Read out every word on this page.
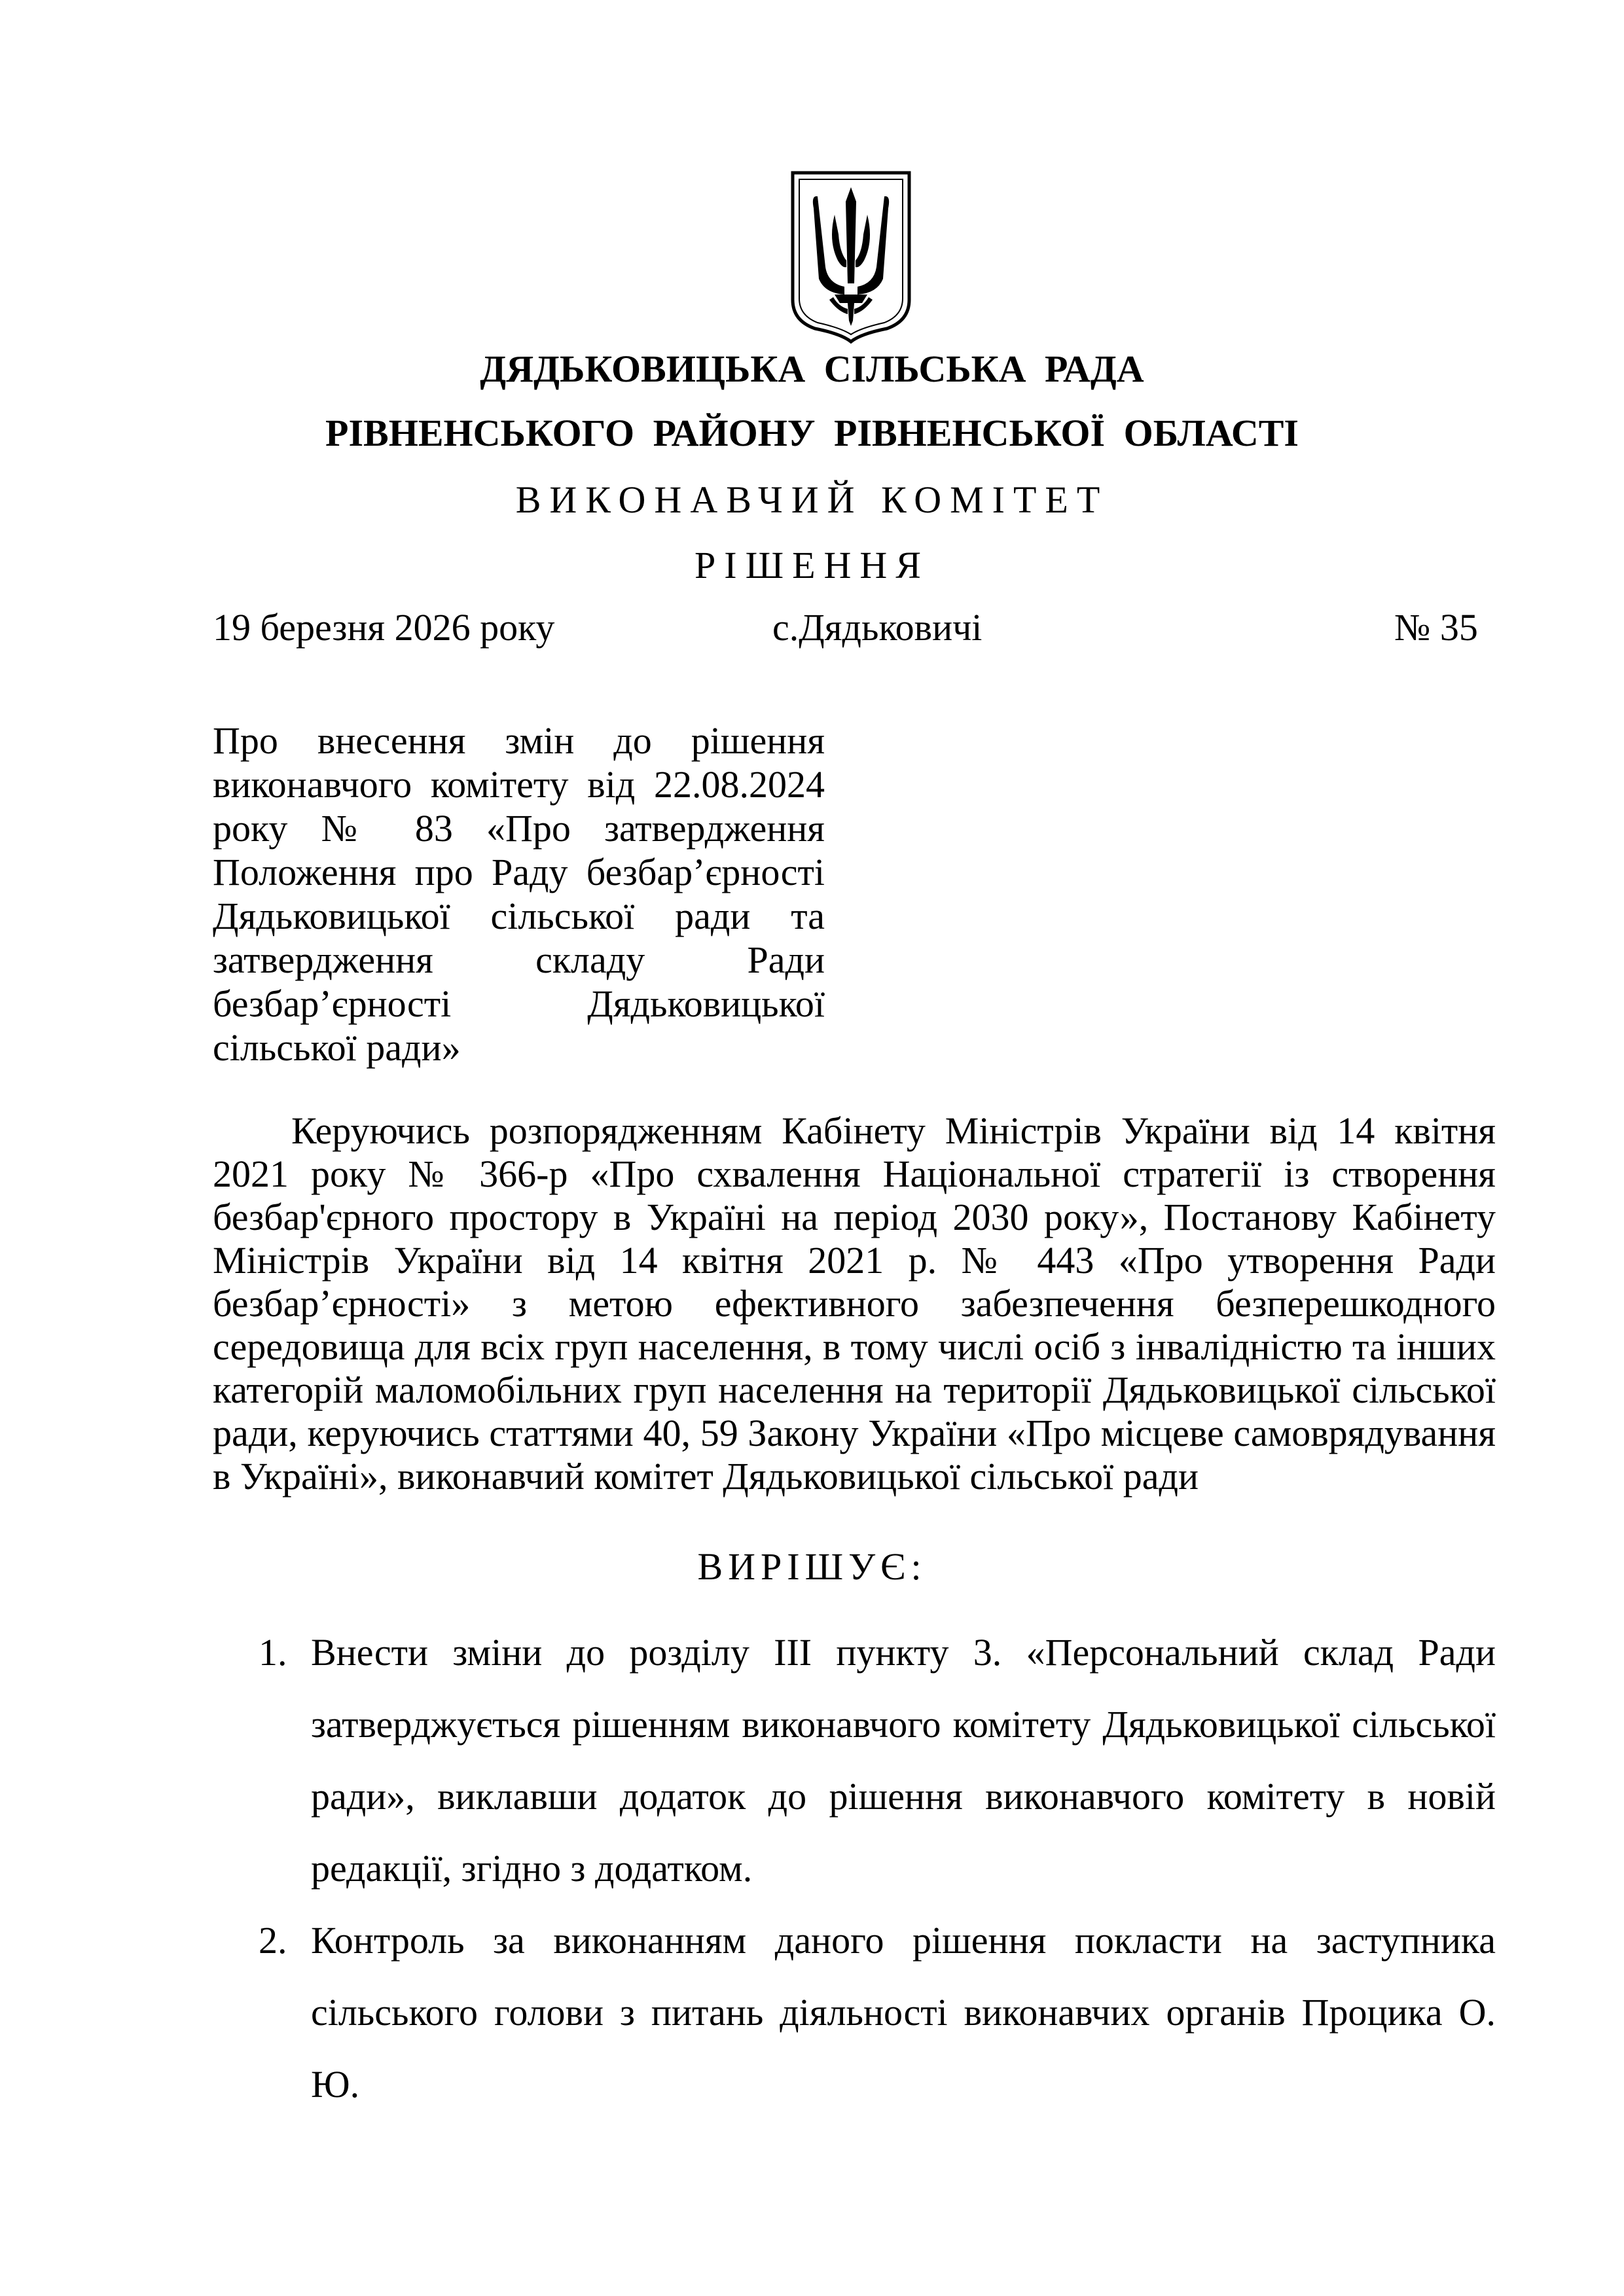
ДЯДЬКОВИЦЬКА СІЛЬСЬКА РАДА
РІВНЕНСЬКОГО РАЙОНУ РІВНЕНСЬКОЇ ОБЛАСТІ
ВИКОНАВЧИЙ КОМІТЕТ
РІШЕННЯ
19 березня 2026 року	с.Дядьковичі	№ 35
Про внесення змін до рішення виконавчого комітету від 22.08.2024 року № 83 «Про затвердження Положення про Раду безбар’єрності Дядьковицької сільської ради та затвердження складу Ради безбар’єрності Дядьковицької сільської ради»
Керуючись розпорядженням Кабінету Міністрів України від 14 квітня 2021 року № 366-р «Про схвалення Національної стратегії із створення безбар'єрного простору в Україні на період 2030 року», Постанову Кабінету Міністрів України від 14 квітня 2021 р. № 443 «Про утворення Ради безбар’єрності» з метою ефективного забезпечення безперешкодного середовища для всіх груп населення, в тому числі осіб з інвалідністю та інших категорій маломобільних груп населення на території Дядьковицької сільської ради, керуючись статтями 40, 59 Закону України «Про місцеве самоврядування в Україні», виконавчий комітет Дядьковицької сільської ради
ВИРІШУЄ:
1. Внести зміни до розділу ІІІ пункту 3. «Персональний склад Ради затверджується рішенням виконавчого комітету Дядьковицької сільської ради», виклавши додаток до рішення виконавчого комітету в новій редакції, згідно з додатком.
2. Контроль за виконанням даного рішення покласти на заступника сільського голови з питань діяльності виконавчих органів Процика О. Ю.
